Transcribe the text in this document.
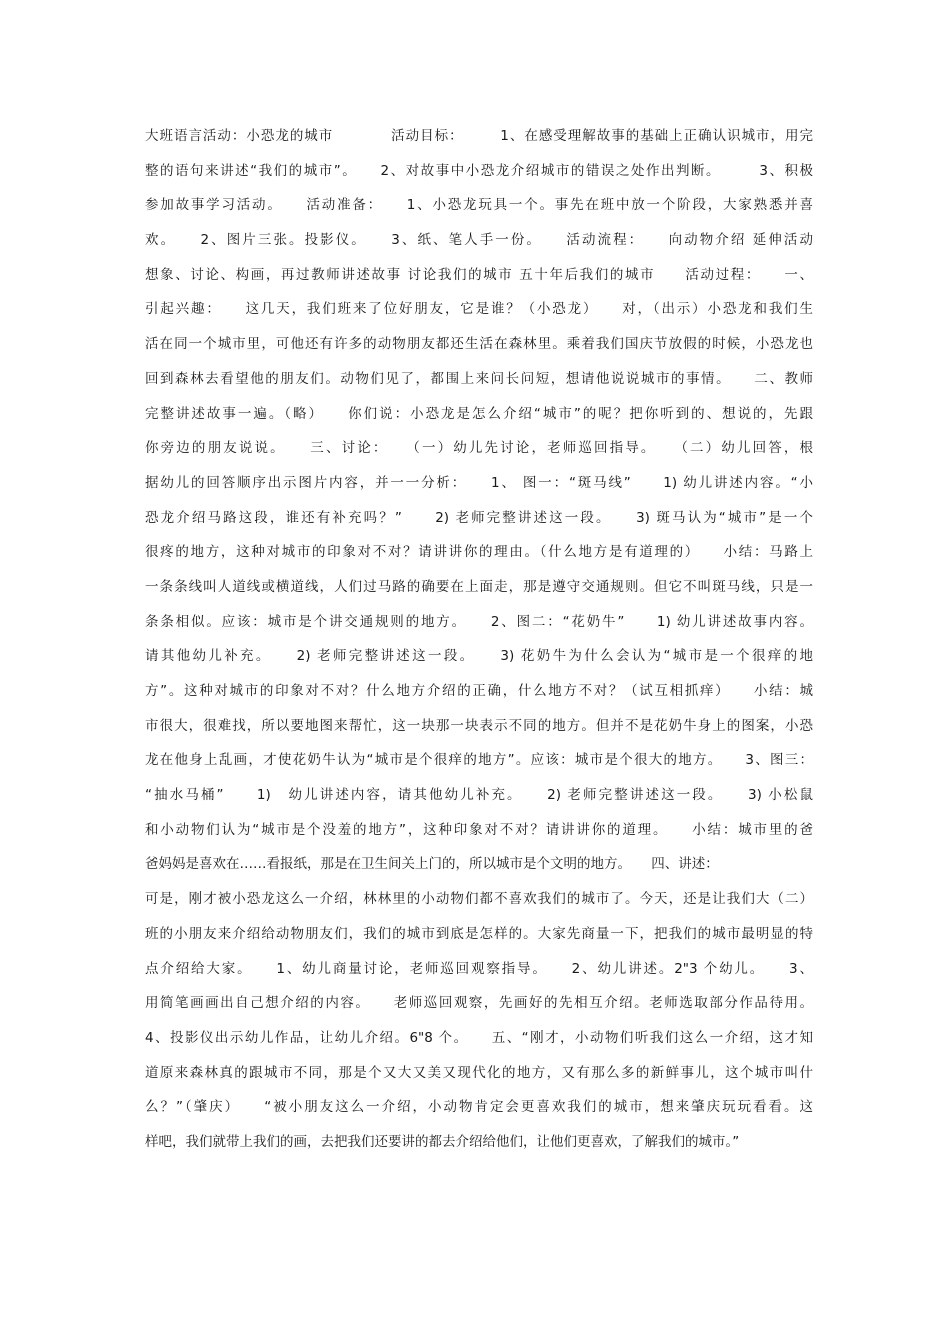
大班语言活动：小恐龙的城市　　　　活动目标：　　　1、在感受理解故事的基础上正确认识城市，用完
整的语句来讲述“我们的城市”。　　2、对故事中小恐龙介绍城市的错误之处作出判断。　　　3、积极
参加故事学习活动。　　活动准备：　　1、小恐龙玩具一个。事先在班中放一个阶段，大家熟悉并喜
欢。　　2、图片三张。投影仪。　　3、纸、笔人手一份。　　活动流程：　　向动物介绍 延伸活动
想象、讨论、构画，再过教师讲述故事 讨论我们的城市 五十年后我们的城市　　活动过程：　　一、
引起兴趣：　　这几天，我们班来了位好朋友，它是谁？（小恐龙）　　对，（出示）小恐龙和我们生
活在同一个城市里，可他还有许多的动物朋友都还生活在森林里。乘着我们国庆节放假的时候，小恐龙也
回到森林去看望他的朋友们。动物们见了，都围上来问长问短，想请他说说城市的事情。　　二、教师
完整讲述故事一遍。（略）　　你们说：小恐龙是怎么介绍“城市”的呢？把你听到的、想说的，先跟
你旁边的朋友说说。　　三、讨论：　　（一）幼儿先讨论，老师巡回指导。　　（二）幼儿回答，根
据幼儿的回答顺序出示图片内容，并一一分析：　　1、 图一：“斑马线”　　1) 幼儿讲述内容。“小
恐龙介绍马路这段，谁还有补充吗？”　　2) 老师完整讲述这一段。　　3) 斑马认为“城市”是一个
很疼的地方，这种对城市的印象对不对？请讲讲你的理由。（什么地方是有道理的）　　小结：马路上
一条条线叫人道线或横道线，人们过马路的确要在上面走，那是遵守交通规则。但它不叫斑马线，只是一
条条相似。应该：城市是个讲交通规则的地方。　　2、图二：“花奶牛”　　1) 幼儿讲述故事内容。
请其他幼儿补充。　　2) 老师完整讲述这一段。　　3) 花奶牛为什么会认为“城市是一个很痒的地
方”。这种对城市的印象对不对？什么地方介绍的正确，什么地方不对？（试互相抓痒）　　小结：城
市很大，很难找，所以要地图来帮忙，这一块那一块表示不同的地方。但并不是花奶牛身上的图案，小恐
龙在他身上乱画，才使花奶牛认为“城市是个很痒的地方”。应该：城市是个很大的地方。　　3、图三：
“抽水马桶”　　1)　幼儿讲述内容，请其他幼儿补充。　　2) 老师完整讲述这一段。　　3) 小松鼠
和小动物们认为“城市是个没羞的地方”，这种印象对不对？请讲讲你的道理。　　小结：城市里的爸
爸妈妈是喜欢在……看报纸，那是在卫生间关上门的，所以城市是个文明的地方。　　四、讲述：
可是，刚才被小恐龙这么一介绍，林林里的小动物们都不喜欢我们的城市了。今天，还是让我们大（二）
班的小朋友来介绍给动物朋友们，我们的城市到底是怎样的。大家先商量一下，把我们的城市最明显的特
点介绍给大家。　　1、幼儿商量讨论，老师巡回观察指导。　　2、幼儿讲述。2"3 个幼儿。　　3、
用简笔画画出自己想介绍的内容。　　老师巡回观察，先画好的先相互介绍。老师选取部分作品待用。
4、投影仪出示幼儿作品，让幼儿介绍。6"8 个。　　五、“刚才，小动物们听我们这么一介绍，这才知
道原来森林真的跟城市不同，那是个又大又美又现代化的地方，又有那么多的新鲜事儿，这个城市叫什
么？”（肇庆）　　“被小朋友这么一介绍，小动物肯定会更喜欢我们的城市，想来肇庆玩玩看看。这
样吧，我们就带上我们的画，去把我们还要讲的都去介绍给他们，让他们更喜欢，了解我们的城市。”
